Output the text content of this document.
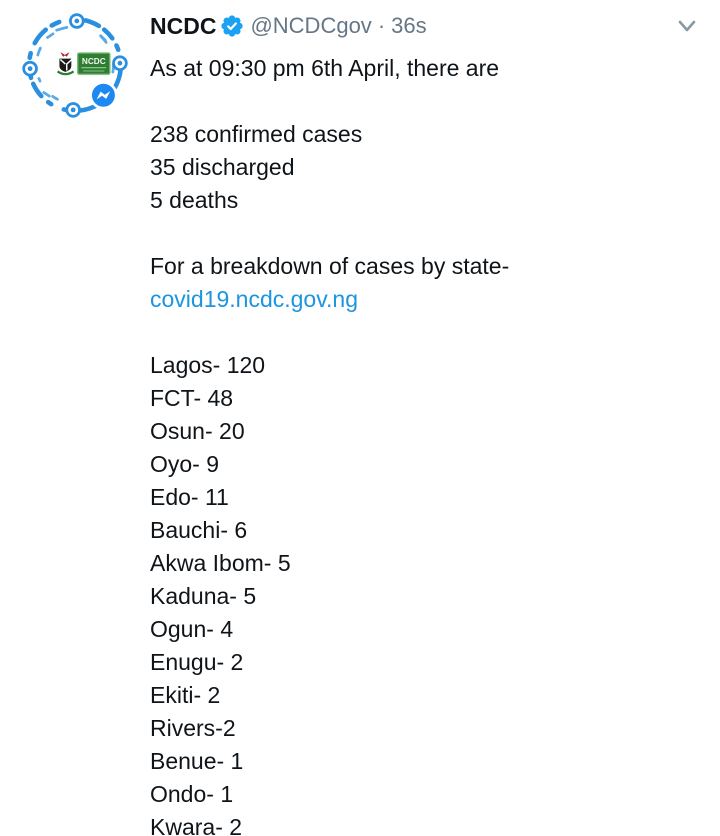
NCDC
NCDC @NCDCgov · 36s
As at 09:30 pm 6th April, there are
238 confirmed cases
35 discharged
5 deaths
For a breakdown of cases by state-
covid19.ncdc.gov.ng
Lagos- 120
FCT- 48
Osun- 20
Oyo- 9
Edo- 11
Bauchi- 6
Akwa Ibom- 5
Kaduna- 5
Ogun- 4
Enugu- 2
Ekiti- 2
Rivers-2
Benue- 1
Ondo- 1
Kwara- 2
